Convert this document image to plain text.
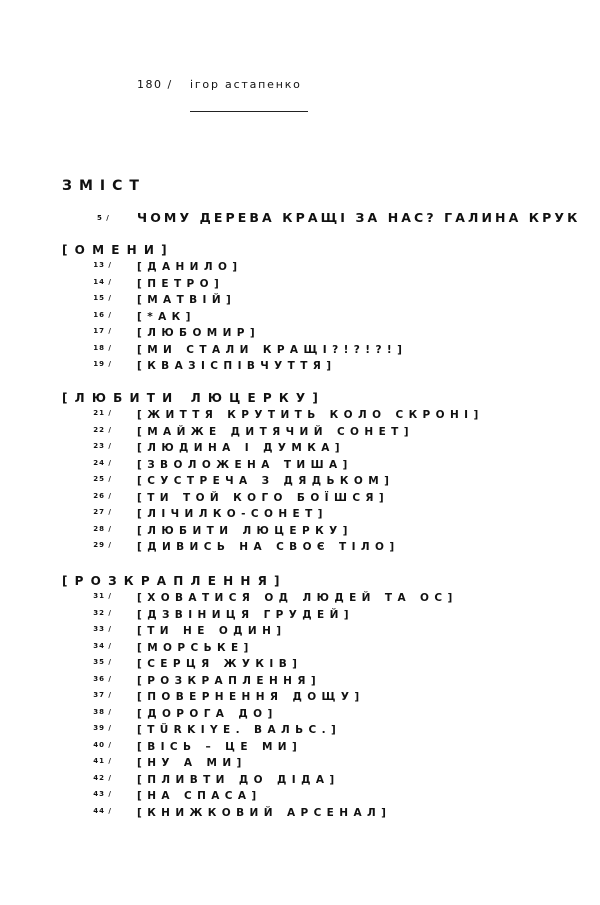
180 / ігор астапенко
ЗМІСТ
5 / ЧОМУ ДЕРЕВА КРАЩІ ЗА НАС? ГАЛИНА КРУК
[ОМЕНИ]
13 / [ДАНИЛО]
14 / [ПЕТРО]
15 / [МАТВІЙ]
16 / [*АК]
17 / [ЛЮБОМИР]
18 / [МИ СТАЛИ КРАЩІ?!?!?!]
19 / [КВАЗІСПІВЧУТТЯ]
[ЛЮБИТИ ЛЮЦЕРКУ]
21 / [ЖИТТЯ КРУТИТЬ КОЛО СКРОНІ]
22 / [МАЙЖЕ ДИТЯЧИЙ СОНЕТ]
23 / [ЛЮДИНА І ДУМКА]
24 / [ЗВОЛОЖЕНА ТИША]
25 / [СУСТРЕЧА З ДЯДЬКОМ]
26 / [ТИ ТОЙ КОГО БОЇШСЯ]
27 / [ЛІЧИЛКО-СОНЕТ]
28 / [ЛЮБИТИ ЛЮЦЕРКУ]
29 / [ДИВИСЬ НА СВОЄ ТІЛО]
[РОЗКРАПЛЕННЯ]
31 / [ХОВАТИСЯ ОД ЛЮДЕЙ ТА ОС]
32 / [ДЗВІНИЦЯ ГРУДЕЙ]
33 / [ТИ НЕ ОДИН]
34 / [МОРСЬКЕ]
35 / [СЕРЦЯ ЖУКІВ]
36 / [РОЗКРАПЛЕННЯ]
37 / [ПОВЕРНЕННЯ ДОЩУ]
38 / [ДОРОГА ДО]
39 / [TÜRKIYE. ВАЛЬС.]
40 / [ВІСЬ – ЦЕ МИ]
41 / [НУ А МИ]
42 / [ПЛИВТИ ДО ДІДА]
43 / [НА СПАСА]
44 / [КНИЖКОВИЙ АРСЕНАЛ]
